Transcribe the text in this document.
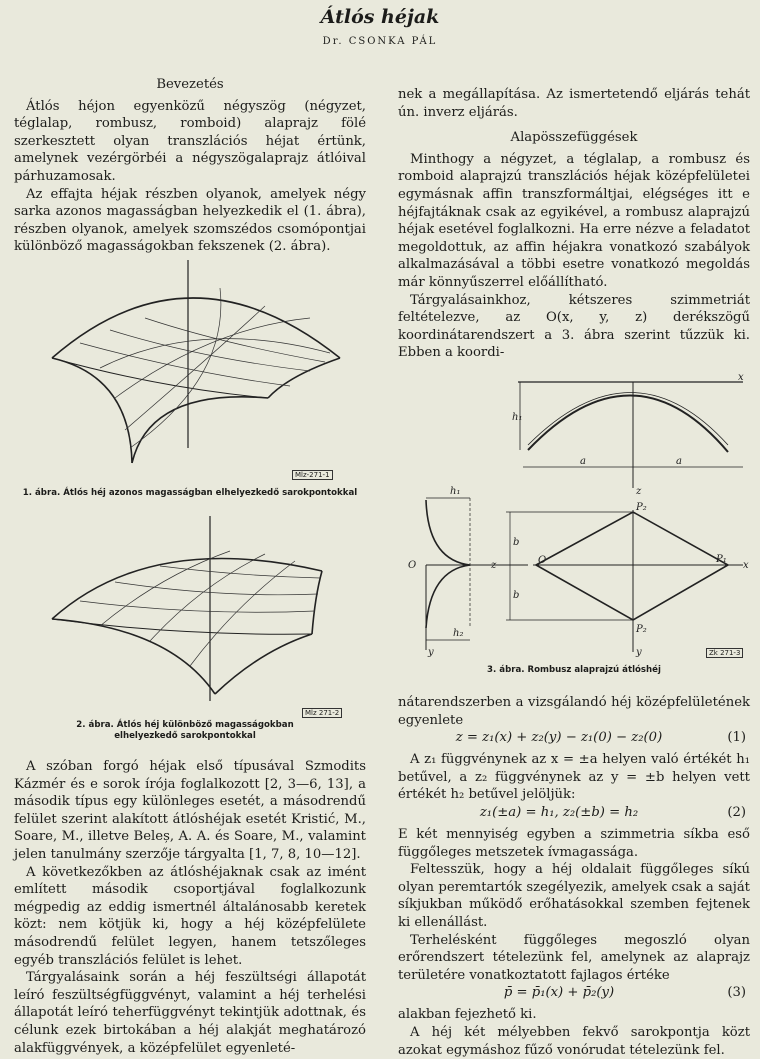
Átlós héjak
Dr. CSONKA PÁL
Bevezetés

Átlós héjon egyenközű négyszög (négyzet, téglalap, rombusz, romboid) alaprajz fölé szerkesztett olyan transzlációs héjat értünk, amelynek vezérgörbéi a négyszögalaprajz átlóival párhuzamosak.

Az effajta héjak részben olyanok, amelyek négy sarka azonos magasságban helyezkedik el (1. ábra), részben olyanok, amelyek szomszédos csomópontjai különböző magasságokban fekszenek (2. ábra).

Mlz-271-1
1. ábra. Átlós héj azonos magasságban elhelyezkedő sarokpontokkal
Mlz 271-2
2. ábra. Átlós héj különböző magasságokban elhelyezkedő sarokpontokkal

A szóban forgó héjak első típusával Szmodits Kázmér és e sorok írója foglalkozott [2, 3—6, 13], a második típus egy különleges esetét, a másodrendű felület szerint alakított átlóshéjak esetét Kristić, M., Soare, M., illetve Beleș, A. A. és Soare, M., valamint jelen tanulmány szerzője tárgyalta [1, 7, 8, 10—12].

A következőkben az átlóshéjaknak csak az imént említett második csoportjával foglalkozunk mégpedig az eddig ismertnél általánosabb keretek közt: nem kötjük ki, hogy a héj középfelülete másodrendű felület legyen, hanem tetszőleges egyéb transzlációs felület is lehet.

Tárgyalásaink során a héj feszültségi állapotát leíró feszültségfüggvényt, valamint a héj terhelési állapotát leíró teherfüggvényt tekintjük adottnak, és célunk ezek birtokában a héj alakját meghatározó alakfüggvények, a középfelület egyenleté-

nek a megállapítása. Az ismertetendő eljárás tehát ún. inverz eljárás.

Alapösszefüggések

Minthogy a négyzet, a téglalap, a rombusz és romboid alaprajzú transzlációs héjak középfelületei egymásnak affin transzformáltjai, elégséges itt e héjfajtáknak csak az egyikével, a rombusz alaprajzú héjak esetével foglalkozni. Ha erre nézve a feladatot megoldottuk, az affin héjakra vonatkozó szabályok alkalmazásával a többi esetre vonatkozó megoldás már könnyűszerrel előállítható.

Tárgyalásainkhoz, kétszeres szimmetriát feltételezve, az O(x, y, z) derékszögű koordinátarendszert a 3. ábra szerint tűzzük ki. Ebben a koordi-

x
z
h₁
a	a
h₁
O	z
y
h₂
b
b
O
P₂
P₂
P₁
x
y	Zk 271-3
3. ábra. Rombusz alaprajzú átlóshéj

nátarendszerben a vizsgálandó héj középfelületének egyenlete

z = z₁(x) + z₂(y) − z₁(0) − z₂(0)	(1)

A z₁ függvénynek az x = ±a helyen való értékét h₁ betűvel, a z₂ függvénynek az y = ±b helyen vett értékét h₂ betűvel jelöljük:

z₁(±a) = h₁, z₂(±b) = h₂	(2)

E két mennyiség egyben a szimmetria síkba eső függőleges metszetek ívmagassága.

Feltesszük, hogy a héj oldalait függőleges síkú olyan peremtartók szegélyezik, amelyek csak a saját síkjukban működő erőhatásokkal szemben fejtenek ki ellenállást.

Terhelésként függőleges megoszló olyan erőrendszert tételezünk fel, amelynek az alaprajz területére vonatkoztatott fajlagos értéke

p̄ = p̄₁(x) + p̄₂(y)	(3)

alakban fejezhető ki.

A héj két mélyebben fekvő sarokpontja közt azokat egymáshoz fűző vonórudat tételezünk fel.
